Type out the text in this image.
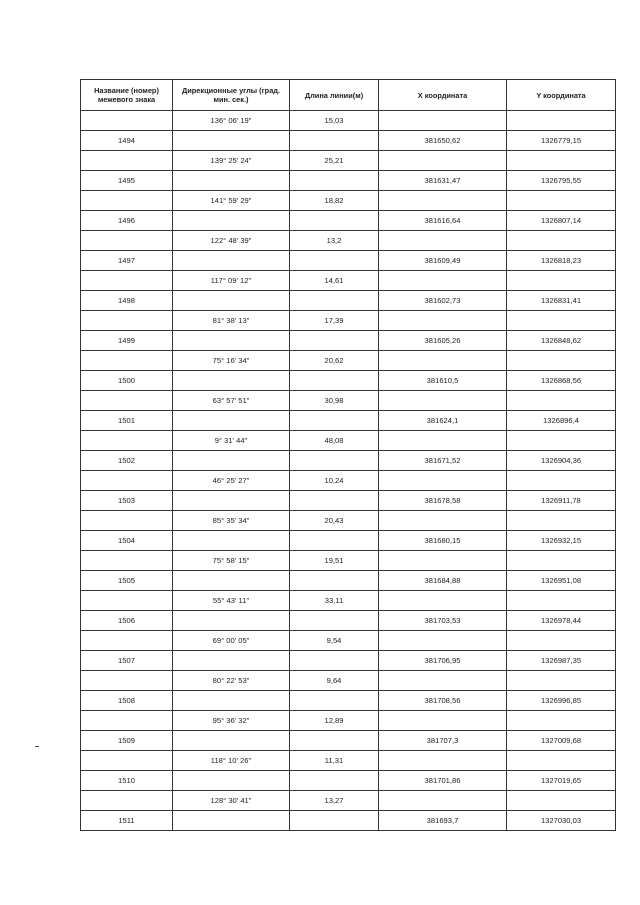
Название (номер) межевого знака	Дирекционные углы (град. мин. сек.)	Длина линии(м)	X координата	Y координата
	136° 06' 19"	15,03		
1494			381650,62	1326779,15
	139° 25' 24"	25,21		
1495			381631,47	1326795,55
	141° 59' 29"	18,82		
1496			381616,64	1326807,14
	122° 48' 39"	13,2		
1497			381609,49	1326818,23
	117° 09' 12"	14,61		
1498			381602,73	1326831,41
	81° 38' 13"	17,39		
1499			381605,26	1326848,62
	75° 16' 34"	20,62		
1500			381610,5	1326868,56
	63° 57' 51"	30,98		
1501			381624,1	1326896,4
	9° 31' 44"	48,08		
1502			381671,52	1326904,36
	46° 25' 27"	10,24		
1503			381678,58	1326911,78
	85° 35' 34"	20,43		
1504			381680,15	1326932,15
	75° 58' 15"	19,51		
1505			381684,88	1326951,08
	55° 43' 11"	33,11		
1506			381703,53	1326978,44
	69° 00' 05"	9,54		
1507			381706,95	1326987,35
	80° 22' 53"	9,64		
1508			381708,56	1326996,85
	95° 36' 32"	12,89		
1509			381707,3	1327009,68
	118° 10' 26"	11,31		
1510			381701,86	1327019,65
	128° 30' 41"	13,27		
1511			381693,7	1327030,03
